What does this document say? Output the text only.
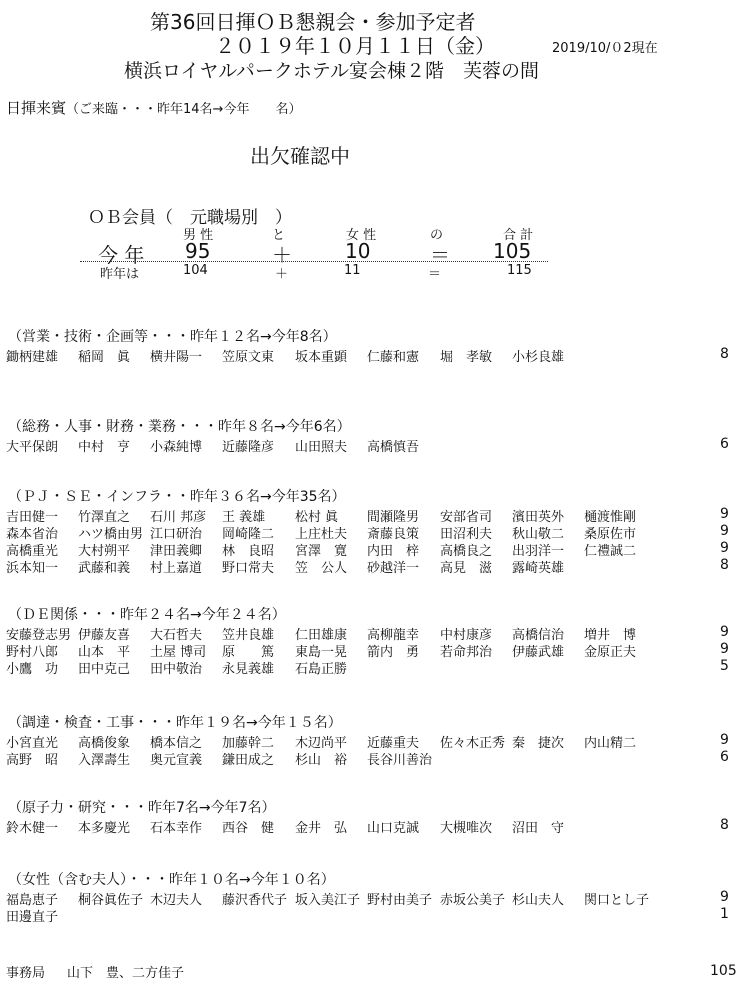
第36回日揮ＯＢ懇親会・参加予定者
２０１９年１０月１１日（金）	2019/10/０2現在
横浜ロイヤルパークホテル宴会棟２階　芙蓉の間
日揮来賓（ご来臨・・・昨年14名→今年　　名）
出欠確認中
ＯＢ会員（　元職場別　）
男 性	と	女 性	の	合 計
今 年 95	＋	10	＝ 105
昨年は	104	＋	11	＝	115
（営業・技術・企画等・・・昨年１２名→今年8名）
鋤柄建雄 稲岡　眞 横井陽一 笠原文東 坂本重顕 仁藤和憲 堀　孝敏 小杉良雄	8
（総務・人事・財務・業務・・・昨年８名→今年6名）
大平保朗 中村　亨 小森純博 近藤隆彦 山田照夫 高橋慎吾	6
（ＰＪ・ＳＥ・インフラ・・昨年３６名→今年35名）
吉田健一 竹澤直之 石川 邦彦 王 義雄 松村 眞 間瀬隆男 安部省司 濱田英外 樋渡惟剛	9
森本省治 ハツ橋由男 江口研治 岡崎隆二 上庄杜夫 斎藤良策 田沼利夫 秋山敬二 桑原佐市	9
高橋重光 大村朔平 津田義卿 林　良昭 宮澤　寛 内田　梓 高橋良之 出羽洋一 仁禮誠二	9
浜本知一 武藤和義 村上嘉道 野口常夫 笠　公人 砂越洋一 高見　滋 露崎英雄	8
（ＤＥ関係・・・昨年２４名→今年２４名）
安藤登志男 伊藤友喜 大石哲夫 笠井良雄 仁田雄康 高柳龍幸 中村康彦 高橋信治 増井　博	9
野村八郎 山本　平 土屋 博司 原　　篤 東島一晃 箭内　勇 若命邦治 伊藤武雄 金原正夫	9
小鷹　功 田中克己 田中敬治 永見義雄 石島正勝	5
（調達・検査・工事・・・昨年１９名→今年１５名）
小宮直光 高橋俊象 橋本信之 加藤幹二 木辺尚平 近藤重夫 佐々木正秀 秦　捷次 内山精二	9
高野　昭 入澤壽生 奥元宣義 鎌田成之 杉山　裕 長谷川善治	6
（原子力・研究・・・昨年7名→今年7名）
鈴木健一 本多慶光 石本幸作 西谷　健 金井　弘 山口克誠 大槻唯次 沼田　守	8
（女性（含む夫人）・・・昨年１０名→今年１０名）
福島恵子 桐谷眞佐子 木辺夫人 藤沢香代子 坂入美江子 野村由美子 赤坂公美子 杉山夫人 関口とし子	9
田邊直子	1
事務局 山下　豊、二方佳子	105
